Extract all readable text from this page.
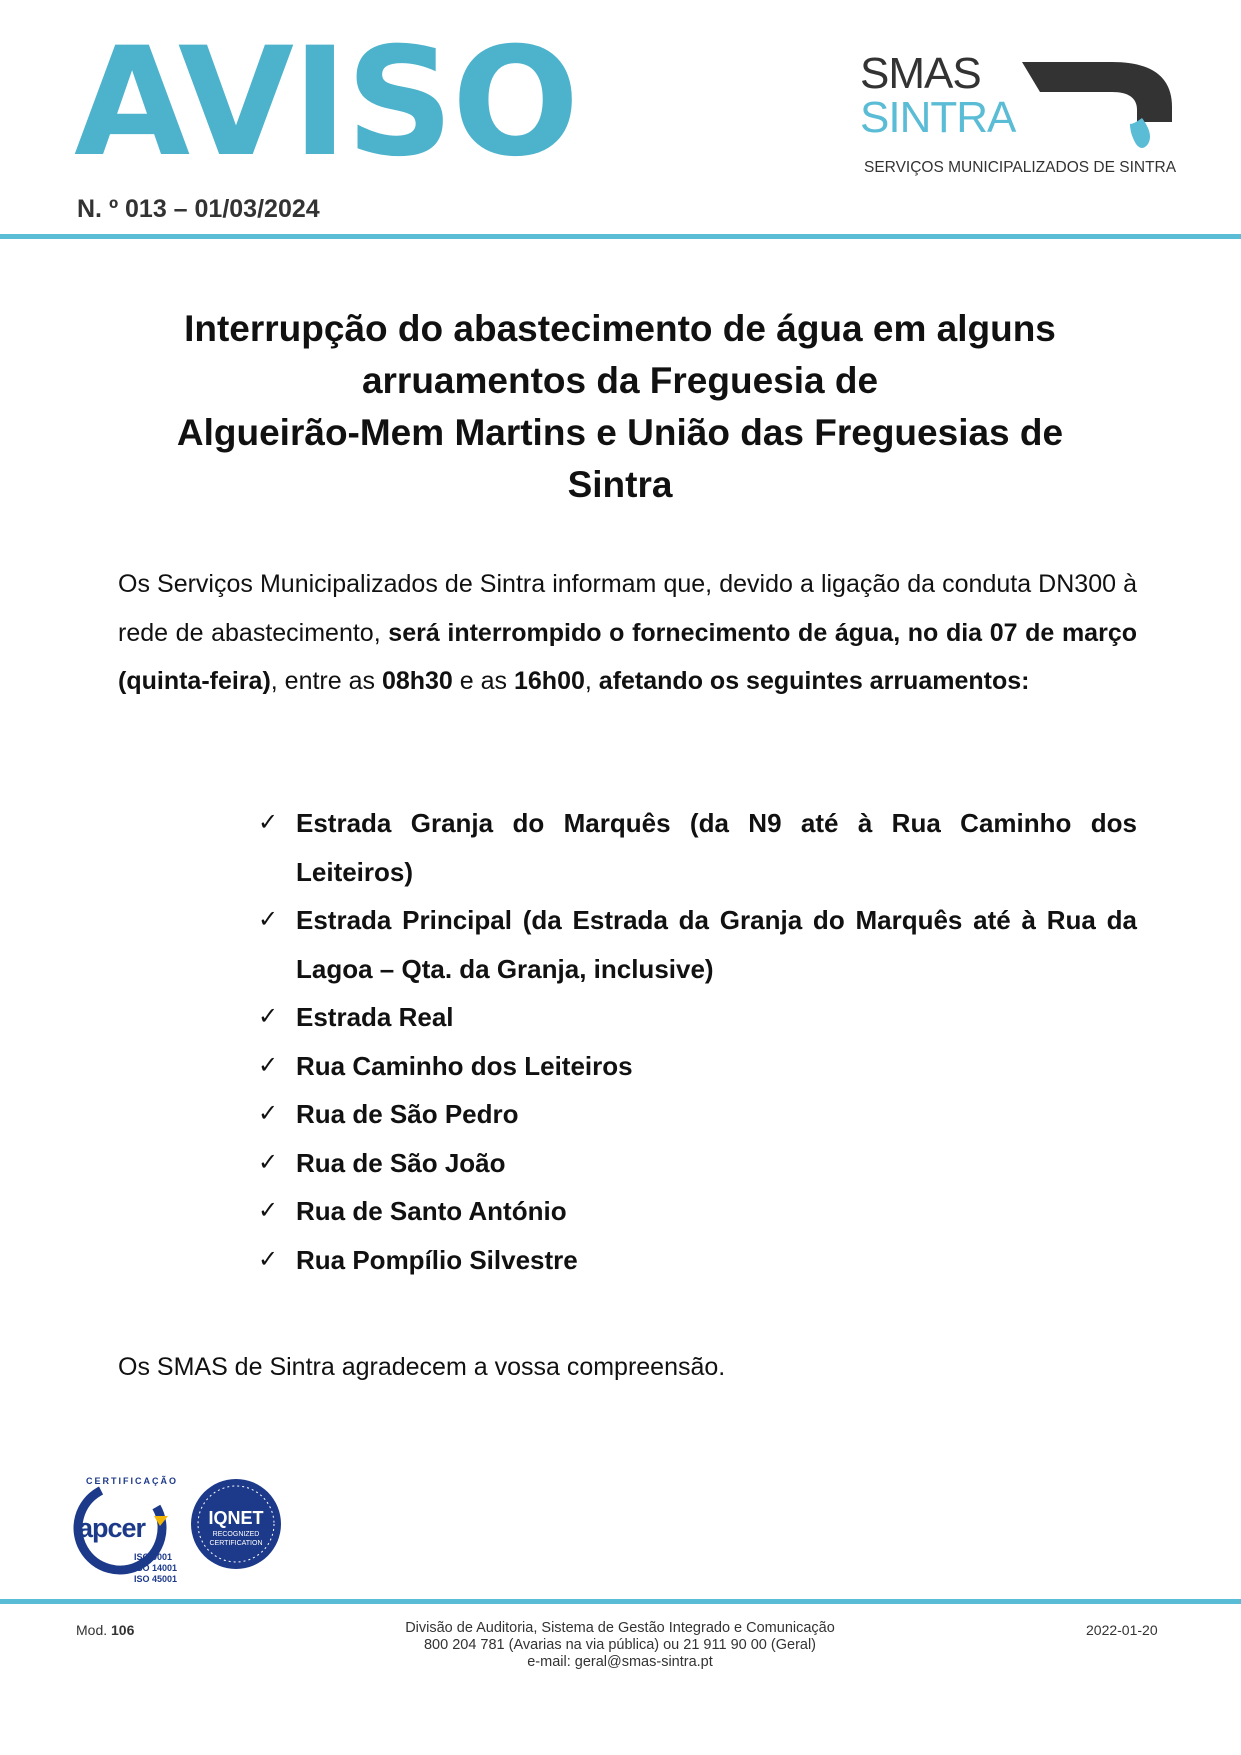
AVISO
N. º 013 – 01/03/2024
SMAS
SINTRA
SERVIÇOS MUNICIPALIZADOS DE SINTRA
Interrupção do abastecimento de água em alguns
arruamentos da Freguesia de
Algueirão-Mem Martins e União das Freguesias de
Sintra

Os Serviços Municipalizados de Sintra informam que, devido a ligação da conduta DN300 à rede de abastecimento, será interrompido o fornecimento de água, no dia 07 de março (quinta-feira), entre as 08h30 e as 16h00, afetando os seguintes arruamentos:

✓ Estrada Granja do Marquês (da N9 até à Rua Caminho dos Leiteiros)
✓ Estrada Principal (da Estrada da Granja do Marquês até à Rua da Lagoa – Qta. da Granja, inclusive)
✓ Estrada Real
✓ Rua Caminho dos Leiteiros
✓ Rua de São Pedro
✓ Rua de São João
✓ Rua de Santo António
✓ Rua Pompílio Silvestre
Os SMAS de Sintra agradecem a vossa compreensão.
CERTIFICAÇÃO
apcer
ISO 9001
ISO 14001
ISO 45001
IQNET
RECOGNIZED
CERTIFICATION
Mod. 106	Divisão de Auditoria, Sistema de Gestão Integrado e Comunicação
800 204 781 (Avarias na via pública) ou 21 911 90 00 (Geral)
e-mail: geral@smas-sintra.pt
2022-01-20
